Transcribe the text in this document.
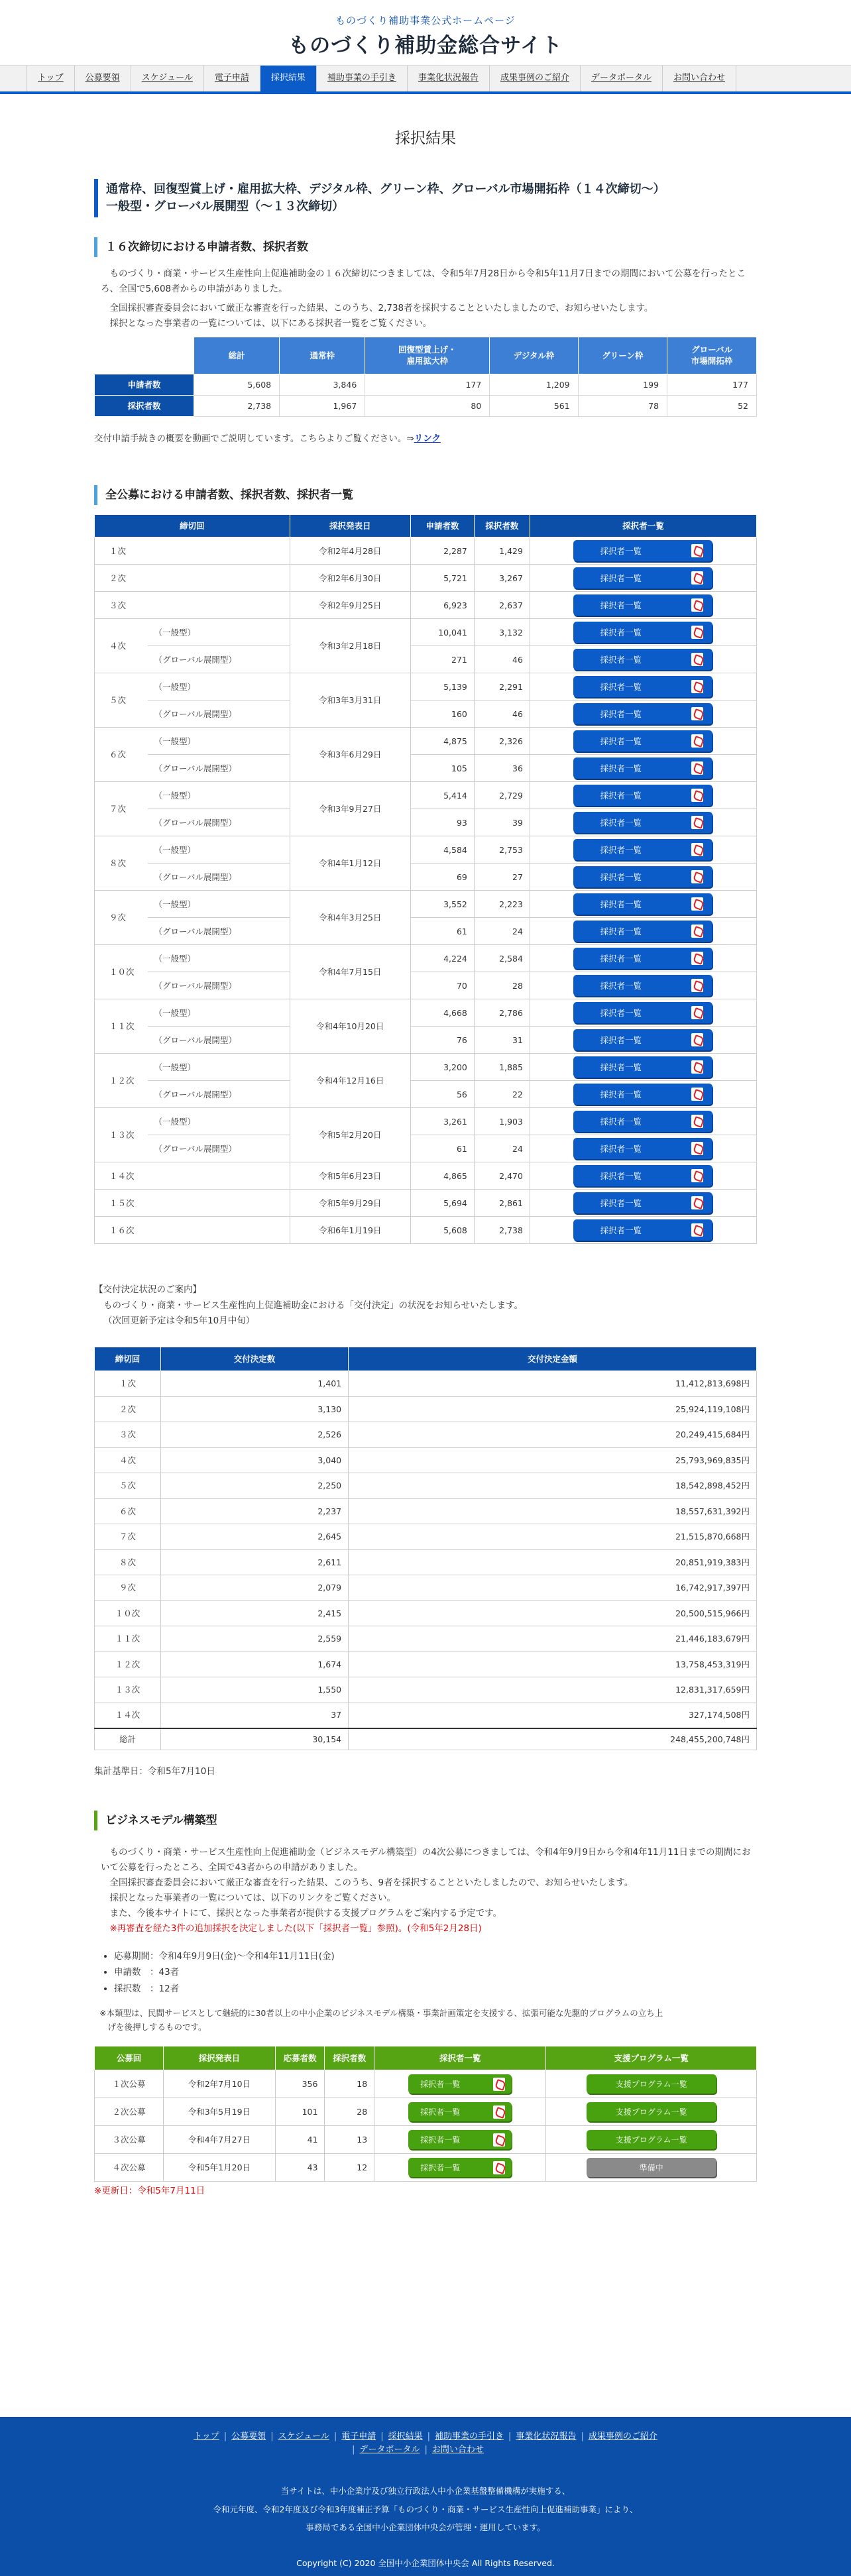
ものづくり補助事業公式ホームページ
ものづくり補助金総合サイト
トップ	公募要領	スケジュール	電子申請	採択結果	補助事業の手引き	事業化状況報告	成果事例のご紹介	データポータル	お問い合わせ
採択結果
通常枠、回復型賞上げ・雇用拡大枠、デジタル枠、グリーン枠、グローバル市場開拓枠（１４次締切〜）
一般型・グローバル展開型（〜１３次締切）
１６次締切における申請者数、採択者数

　ものづくり・商業・サービス生産性向上促進補助金の１６次締切につきましては、令和5年7月28日から令和5年11月7日までの期間において公募を行ったところ、全国で5,608者からの申請がありました。

　全国採択審査委員会において厳正な審査を行った結果、このうち、2,738者を採択することといたしましたので、お知らせいたします。
　採択となった事業者の一覧については、以下にある採択者一覧をご覧ください。

	総計	通常枠	回復型賃上げ・
雇用拡大枠	デジタル枠	グリーン枠	グローバル
市場開拓枠
申請者数	5,608	3,846	177	1,209	199	177
採択者数	2,738	1,967	80	561	78	52

交付申請手続きの概要を動画でご説明しています。こちらよりご覧ください。⇒リンク

全公募における申請者数、採択者数、採択者一覧
締切回		採択発表日	申請者数	採択者数	採択者一覧
１次		令和2年4月28日	2,287	1,429	採択者一覧

２次		令和2年6月30日	5,721	3,267	採択者一覧

３次		令和2年9月25日	6,923	2,637	採択者一覧

４次	（一般型）	令和3年2月18日	10,041	3,132	採択者一覧

	（グローバル展開型）		271	46	採択者一覧

５次	（一般型）	令和3年3月31日	5,139	2,291	採択者一覧

	（グローバル展開型）		160	46	採択者一覧

６次	（一般型）	令和3年6月29日	4,875	2,326	採択者一覧

	（グローバル展開型）		105	36	採択者一覧

７次	（一般型）	令和3年9月27日	5,414	2,729	採択者一覧

	（グローバル展開型）		93	39	採択者一覧

８次	（一般型）	令和4年1月12日	4,584	2,753	採択者一覧

	（グローバル展開型）		69	27	採択者一覧

９次	（一般型）	令和4年3月25日	3,552	2,223	採択者一覧

	（グローバル展開型）		61	24	採択者一覧

１０次	（一般型）	令和4年7月15日	4,224	2,584	採択者一覧

	（グローバル展開型）		70	28	採択者一覧

１１次	（一般型）	令和4年10月20日	4,668	2,786	採択者一覧

	（グローバル展開型）		76	31	採択者一覧

１２次	（一般型）	令和4年12月16日	3,200	1,885	採択者一覧

	（グローバル展開型）		56	22	採択者一覧

１３次	（一般型）	令和5年2月20日	3,261	1,903	採択者一覧

	（グローバル展開型）		61	24	採択者一覧

１４次		令和5年6月23日	4,865	2,470	採択者一覧

１５次		令和5年9月29日	5,694	2,861	採択者一覧

１６次		令和6年1月19日	5,608	2,738	採択者一覧
【交付決定状況のご案内】
ものづくり・商業・サービス生産性向上促進補助金における「交付決定」の状況をお知らせいたします。
（次回更新予定は令和5年10月中旬）
締切回	交付決定数	交付決定金額
１次	1,401	11,412,813,698円
２次	3,130	25,924,119,108円
３次	2,526	20,249,415,684円
４次	3,040	25,793,969,835円
５次	2,250	18,542,898,452円
６次	2,237	18,557,631,392円
７次	2,645	21,515,870,668円
８次	2,611	20,851,919,383円
９次	2,079	16,742,917,397円
１０次	2,415	20,500,515,966円
１１次	2,559	21,446,183,679円
１２次	1,674	13,758,453,319円
１３次	1,550	12,831,317,659円
１４次	37	327,174,508円
総計	30,154	248,455,200,748円

集計基準日：令和5年7月10日

ビジネスモデル構築型

　ものづくり・商業・サービス生産性向上促進補助金（ビジネスモデル構築型）の4次公募につきましては、令和4年9月9日から令和4年11月11日までの期間において公募を行ったところ、全国で43者からの申請がありました。
　全国採択審査委員会において厳正な審査を行った結果、このうち、9者を採択することといたしましたので、お知らせいたします。
　採択となった事業者の一覧については、以下のリンクをご覧ください。
　また、今後本サイトにて、採択となった事業者が提供する支援プログラムをご案内する予定です。

　※再審査を経た3件の追加採択を決定しました(以下「採択者一覧」参照)。(令和5年2月28日)

• 応募期間：令和4年9月9日(金)〜令和4年11月11日(金)
• 申請数　：43者
• 採択数　：12者
※本類型は、民間サービスとして継続的に30者以上の中小企業のビジネスモデル構築・事業計画策定を支援する、拡張可能な先駆的プログラムの立ち上
　げを後押しするものです。
公募回	採択発表日	応募者数	採択者数	採択者一覧	支援プログラム一覧
１次公募	令和2年7月10日	356	18	採択者一覧	支援プログラム一覧
２次公募	令和3年5月19日	101	28	採択者一覧	支援プログラム一覧
３次公募	令和4年7月27日	41	13	採択者一覧	支援プログラム一覧
４次公募	令和5年1月20日	43	12	採択者一覧	準備中

※更新日：令和5年7月11日

トップ | 公募要領 | スケジュール | 電子申請 | 採択結果 | 補助事業の手引き | 事業化状況報告 | 成果事例のご紹介
| データポータル | お問い合わせ
当サイトは、中小企業庁及び独立行政法人中小企業基盤整備機構が実施する、
令和元年度、令和2年度及び令和3年度補正予算「ものづくり・商業・サービス生産性向上促進補助事業」により、
事務局である全国中小企業団体中央会が管理・運用しています。
Copyright (C) 2020 全国中小企業団体中央会 All Rights Reserved.
